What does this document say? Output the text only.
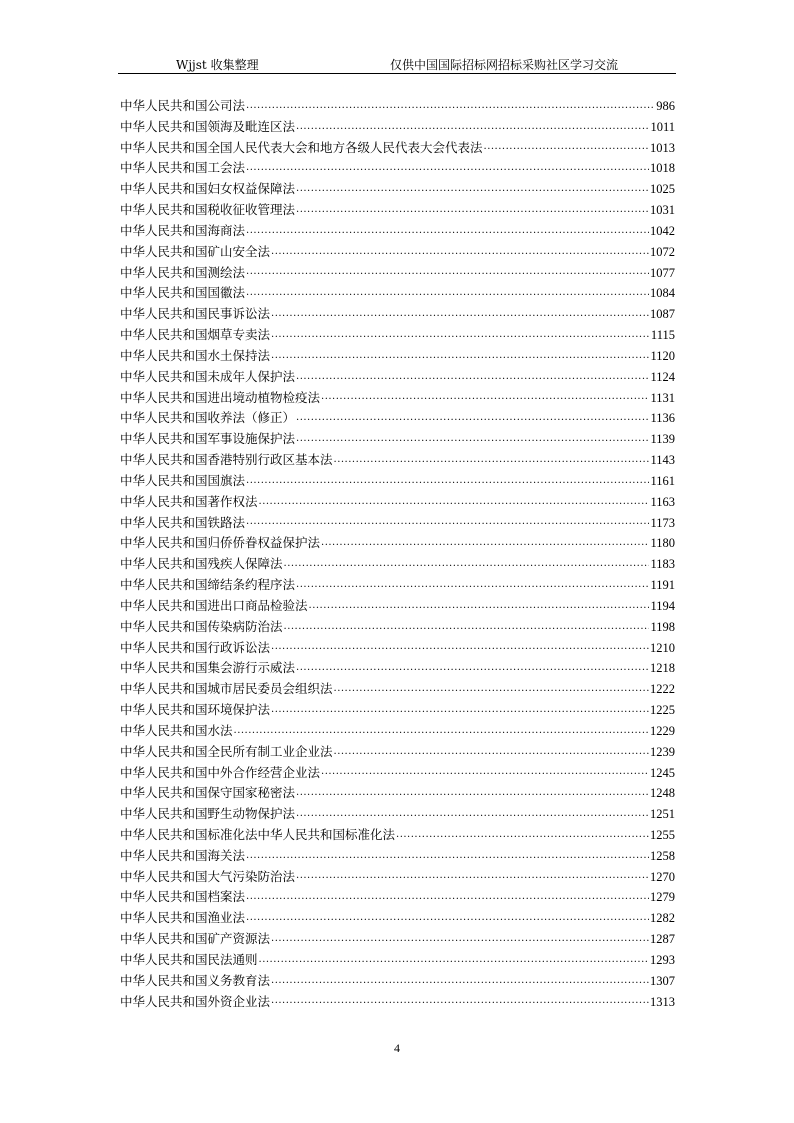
Wjjst 收集整理	仅供中国国际招标网招标采购社区学习交流
中华人民共和国公司法 .....	986
中华人民共和国领海及毗连区法 .....	1011
中华人民共和国全国人民代表大会和地方各级人民代表大会代表法 .....	1013
中华人民共和国工会法 .....	1018
中华人民共和国妇女权益保障法 .....	1025
中华人民共和国税收征收管理法 .....	1031
中华人民共和国海商法 .....	1042
中华人民共和国矿山安全法 .....	1072
中华人民共和国测绘法 .....	1077
中华人民共和国国徽法 .....	1084
中华人民共和国民事诉讼法 .....	1087
中华人民共和国烟草专卖法 .....	1115
中华人民共和国水土保持法 .....	1120
中华人民共和国未成年人保护法 .....	1124
中华人民共和国进出境动植物检疫法 .....	1131
中华人民共和国收养法（修正） .....	1136
中华人民共和国军事设施保护法 .....	1139
中华人民共和国香港特别行政区基本法 .....	1143
中华人民共和国国旗法 .....	1161
中华人民共和国著作权法 .....	1163
中华人民共和国铁路法 .....	1173
中华人民共和国归侨侨眷权益保护法 .....	1180
中华人民共和国残疾人保障法 .....	1183
中华人民共和国缔结条约程序法 .....	1191
中华人民共和国进出口商品检验法 .....	1194
中华人民共和国传染病防治法 .....	1198
中华人民共和国行政诉讼法 .....	1210
中华人民共和国集会游行示威法 .....	1218
中华人民共和国城市居民委员会组织法 .....	1222
中华人民共和国环境保护法 .....	1225
中华人民共和国水法 .....	1229
中华人民共和国全民所有制工业企业法 .....	1239
中华人民共和国中外合作经营企业法 .....	1245
中华人民共和国保守国家秘密法 .....	1248
中华人民共和国野生动物保护法 .....	1251
中华人民共和国标准化法中华人民共和国标准化法 .....	1255
中华人民共和国海关法 .....	1258
中华人民共和国大气污染防治法 .....	1270
中华人民共和国档案法 .....	1279
中华人民共和国渔业法 .....	1282
中华人民共和国矿产资源法 .....	1287
中华人民共和国民法通则 .....	1293
中华人民共和国义务教育法 .....	1307
中华人民共和国外资企业法 .....	1313
4
